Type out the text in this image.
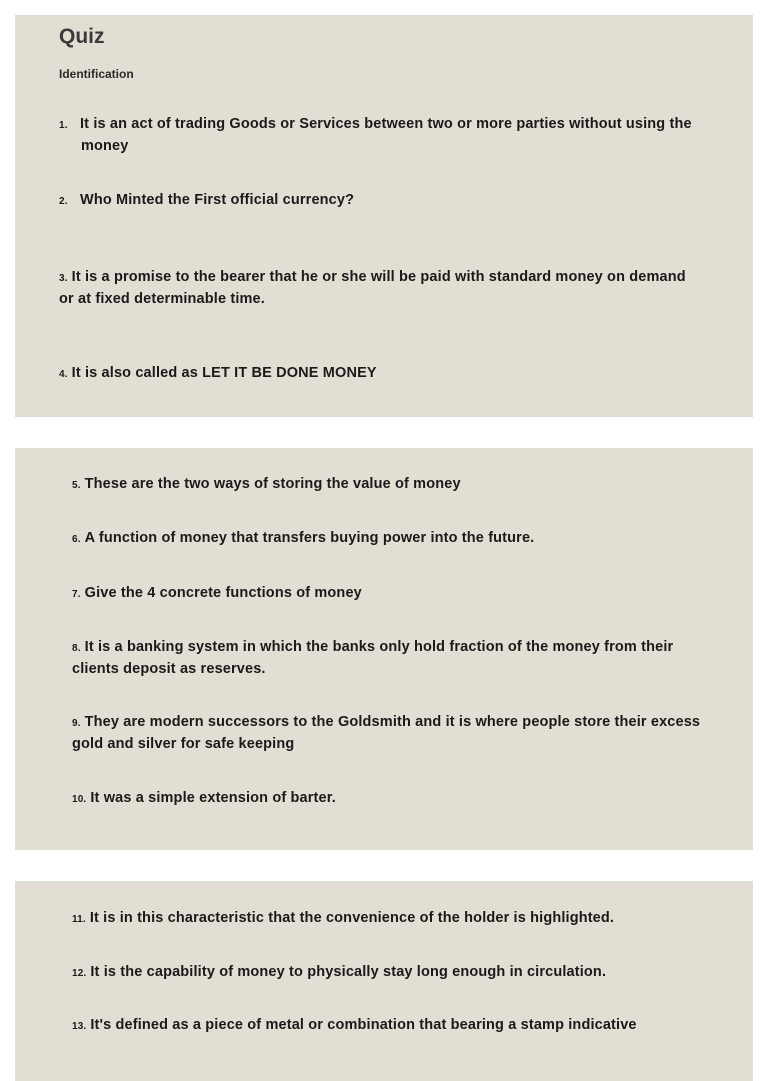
Quiz
Identification
1. It is an act of trading Goods or Services between two or more parties without using the money
2. Who Minted the First official currency?
3. It is a promise to the bearer that he or she will be paid with standard money on demand or at fixed determinable time.
4. It is also called as LET IT BE DONE MONEY
5. These are the two ways of storing the value of money
6. A function of money that transfers buying power into the future.
7. Give the 4 concrete functions of money
8. It is a banking system in which the banks only hold fraction of the money from their clients deposit as reserves.
9. They are modern successors to the Goldsmith and it is where people store their excess gold and silver for safe keeping
10. It was a simple extension of barter.
11. It is in this characteristic that the convenience of the holder is highlighted.
12. It is the capability of money to physically stay long enough in circulation.
13. It's defined as a piece of metal or combination that bearing a stamp indicative
